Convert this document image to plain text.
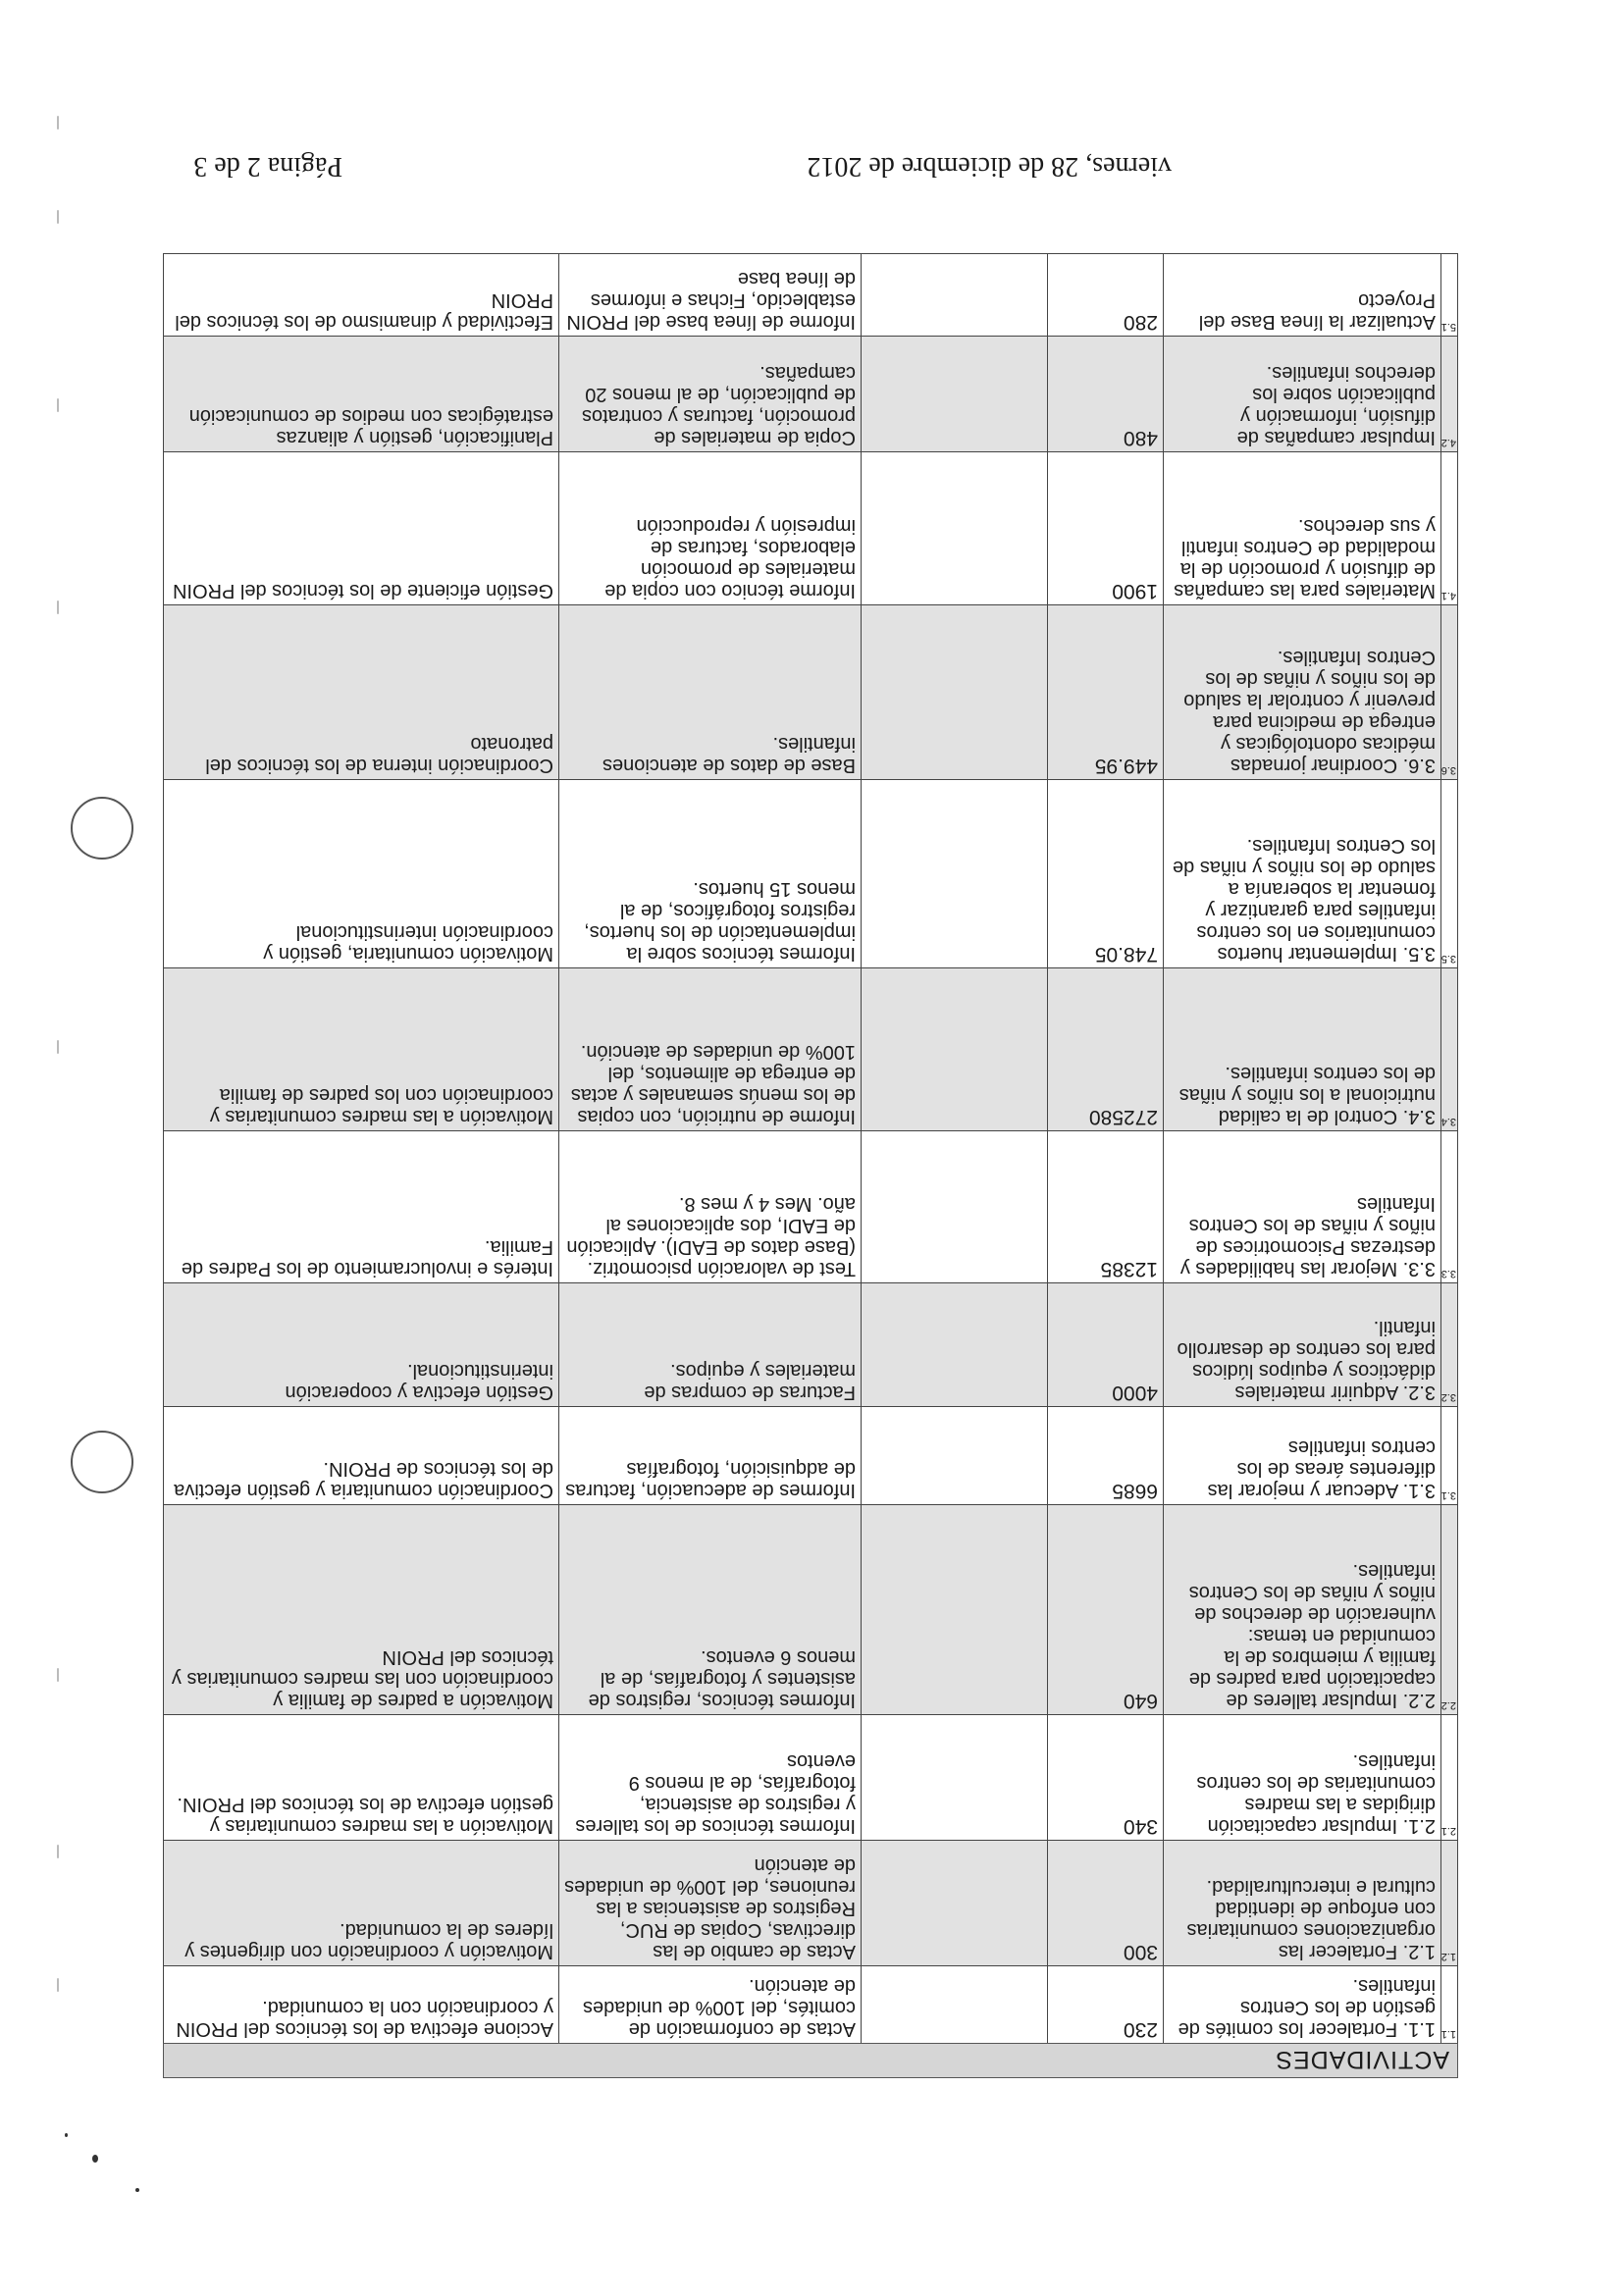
viernes, 28 de diciembre de 2012
Página 2 de 3
ACTIVIDADES
1.1
1.1. Fortalecer los comités de gestión de los Centros infantiles.
230
Actas de conformación de comités, del 100% de unidades de atención.
Accione efectiva de los técnicos del PROIN y coordinación con la comunidad.
1.2
1.2. Fortalecer las organizaciones comunitarias con enfoque de identidad cultural e interculturalidad.
300
Actas de cambio de las directivas, Copias de RUC, Registros de asistencias a las reuniones, del 100% de unidades de atención
Motivación y coordinación con dirigentes y líderes de la comunidad.
2.1
2.1. Impulsar capacitación dirigidas a las madres comunitarias de los centros infantiles.
340
Informes técnicos de los talleres y registros de asistencia, fotografías, de al menos 9 eventos
Motivación a las madres comunitarias y gestión efectiva de los técnicos del PROIN.
2.2
2.2. Impulsar talleres de capacitación para padres de familia y miembros de la comunidad en temas: vulneración de derechos de niños y niñas de los Centros infantiles.
640
Informes técnicos, registros de asistentes y fotografías, de al menos 6 eventos.
Motivación a padres de familia y coordinación con las madres comunitarias y técnicos del PROIN
3.1
3.1. Adecuar y mejorar las diferentes áreas de los centros infantiles
6685
Informes de adecuación, facturas de adquisición, fotografías
Coordinación comunitaria y gestión efectiva de los técnicos de PROIN.
3.2
3.2. Adquirir materiales didácticos y equipos lúdicos para los centros de desarrollo infantil.
4000
Facturas de compras de materiales y equipos.
Gestión efectiva y cooperación interinstitucional.
3.3
3.3. Mejorar las habilidades y destrezas Psicomotrices de niños y niñas de los Centros Infantiles
12385
Test de valoración psicomotriz. (Base datos de EADI). Aplicación de EADI, dos aplicaciones al año. Mes 4 y mes 8.
Interés e involucramiento de los Padres de Familia.
3.4
3.4. Control de la calidad nutricional a los niños y niñas de los centros infantiles.
272580
Informe de nutrición, con copias de los menús semanales y actas de entrega de alimentos, del 100% de unidades de atención.
Motivación a las madres comunitarias y coordinación con los padres de familia
3.5
3.5. Implementar huertos comunitarios en los centros infantiles para garantizar y fomentar la soberanía a saludo de los niños y niñas de los Centros Infantiles.
748.05
Informes técnicos sobre la implementación de los huertos, registros fotográficos, de al menos 15 huertos.
Motivación comunitaria, gestión y coordinación interinstitucional
3.6
3.6. Coordinar jornadas médicas odontológicas y entrega de medicina para prevenir y controlar la saludo de los niños y niñas de los Centros Infantiles.
449.95
Base de datos de atenciones infantiles.
Coordinación interna de los técnicos del patronato
4.1
Materiales para las campañas de difusión y promoción de la modalidad de Centros infantil y sus derechos.
1900
Informe técnico con copia de materiales de promoción elaborados, facturas de impresión y reproducción
Gestión eficiente de los técnicos del PROIN
4.2
Impulsar campañas de difusión, información y publicación sobre los derechos infantiles.
480
Copia de materiales de promoción, facturas y contratos de publicación, de al menos 20 campañas.
Planificación, gestión y alianzas estratégicas con medios de comunicación
5.1
Actualizar la línea Base del Proyecto
280
Informe de línea base del PROIN establecido, Fichas e informes de línea base
Efectividad y dinamismo de los técnicos del PROIN
